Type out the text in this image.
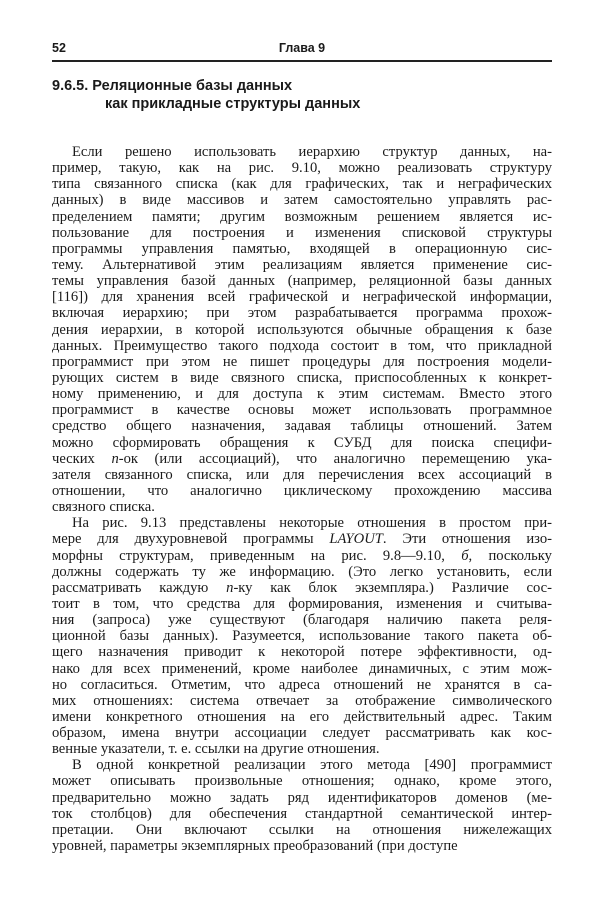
52	Глава 9
9.6.5. Реляционные базы данных
как прикладные структуры данных
Если решено использовать иерархию структур данных, на-
пример, такую, как на рис. 9.10, можно реализовать структуру
типа связанного списка (как для графических, так и неграфических
данных) в виде массивов и затем самостоятельно управлять рас-
пределением памяти; другим возможным решением является ис-
пользование для построения и изменения списковой структуры
программы управления памятью, входящей в операционную сис-
тему. Альтернативой этим реализациям является применение сис-
темы управления базой данных (например, реляционной базы данных
[116]) для хранения всей графической и неграфической информации,
включая иерархию; при этом разрабатывается программа прохож-
дения иерархии, в которой используются обычные обращения к базе
данных. Преимущество такого подхода состоит в том, что прикладной
программист при этом не пишет процедуры для построения модели-
рующих систем в виде связного списка, приспособленных к конкрет-
ному применению, и для доступа к этим системам. Вместо этого
программист в качестве основы может использовать программное
средство общего назначения, задавая таблицы отношений. Затем
можно сформировать обращения к СУБД для поиска специфи-
ческих n-ок (или ассоциаций), что аналогично перемещению ука-
зателя связанного списка, или для перечисления всех ассоциаций в
отношении, что аналогично циклическому прохождению массива
связного списка.
На рис. 9.13 представлены некоторые отношения в простом при-
мере для двухуровневой программы LAYOUT. Эти отношения изо-
морфны структурам, приведенным на рис. 9.8—9.10, б, поскольку
должны содержать ту же информацию. (Это легко установить, если
рассматривать каждую n-ку как блок экземпляра.) Различие сос-
тоит в том, что средства для формирования, изменения и считыва-
ния (запроса) уже существуют (благодаря наличию пакета реля-
ционной базы данных). Разумеется, использование такого пакета об-
щего назначения приводит к некоторой потере эффективности, од-
нако для всех применений, кроме наиболее динамичных, с этим мож-
но согласиться. Отметим, что адреса отношений не хранятся в са-
мих отношениях: система отвечает за отображение символического
имени конкретного отношения на его действительный адрес. Таким
образом, имена внутри ассоциации следует рассматривать как кос-
венные указатели, т. е. ссылки на другие отношения.
В одной конкретной реализации этого метода [490] программист
может описывать произвольные отношения; однако, кроме этого,
предварительно можно задать ряд идентификаторов доменов (ме-
ток столбцов) для обеспечения стандартной семантической интер-
претации. Они включают ссылки на отношения нижележащих
уровней, параметры экземплярных преобразований (при доступе
